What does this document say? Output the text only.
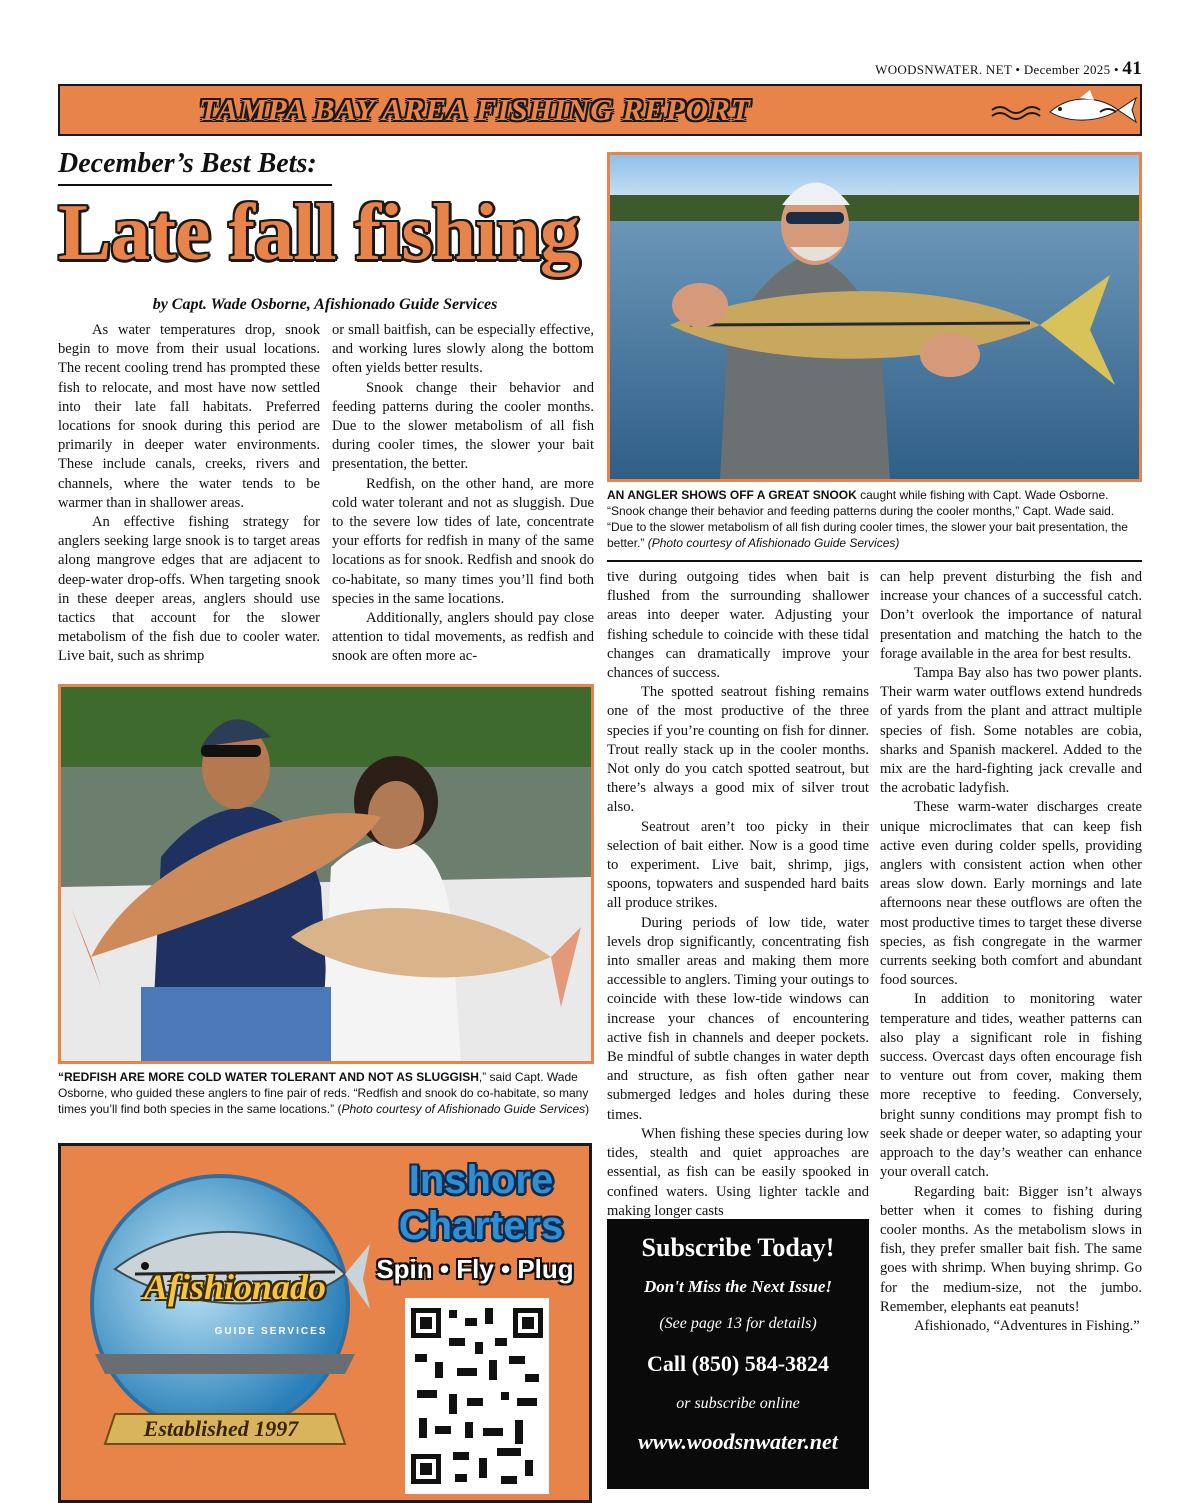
WOODSNWATER. NET • December 2025 • 41
TAMPA BAY AREA FISHING REPORT
December’s Best Bets:
Late fall fishing
by Capt. Wade Osborne, Afishionado Guide Services

As water temperatures drop, snook begin to move from their usual locations. The recent cooling trend has prompted these fish to relocate, and most have now settled into their late fall habitats. Preferred locations for snook during this period are primarily in deeper water environments. These include canals, creeks, rivers and channels, where the water tends to be warmer than in shallower areas.

An effective fishing strategy for anglers seeking large snook is to target areas along mangrove edges that are adjacent to deep-water drop-offs. When targeting snook in these deeper areas, anglers should use tactics that account for the slower metabolism of the fish due to cooler water. Live bait, such as shrimp

or small baitfish, can be especially effective, and working lures slowly along the bottom often yields better results.

Snook change their behavior and feeding patterns during the cooler months. Due to the slower metabolism of all fish during cooler times, the slower your bait presentation, the better.

Redfish, on the other hand, are more cold water tolerant and not as sluggish. Due to the severe low tides of late, concentrate your efforts for redfish in many of the same locations as for snook. Redfish and snook do co-habitate, so many times you’ll find both species in the same locations.

Additionally, anglers should pay close attention to tidal movements, as redfish and snook are often more ac-

AN ANGLER SHOWS OFF A GREAT SNOOK caught while fishing with Capt. Wade Osborne. “Snook change their behavior and feeding patterns during the cooler months,” Capt. Wade said. “Due to the slower metabolism of all fish during cooler times, the slower your bait presentation, the better.” (Photo courtesy of Afishionado Guide Services)

tive during outgoing tides when bait is flushed from the surrounding shallower areas into deeper water. Adjusting your fishing schedule to coincide with these tidal changes can dramatically improve your chances of success.

The spotted seatrout fishing remains one of the most productive of the three species if you’re counting on fish for dinner. Trout really stack up in the cooler months. Not only do you catch spotted seatrout, but there’s always a good mix of silver trout also.

Seatrout aren’t too picky in their selection of bait either. Now is a good time to experiment. Live bait, shrimp, jigs, spoons, topwaters and suspended hard baits all produce strikes.

During periods of low tide, water levels drop significantly, concentrating fish into smaller areas and making them more accessible to anglers. Timing your outings to coincide with these low-tide windows can increase your chances of encountering active fish in channels and deeper pockets. Be mindful of subtle changes in water depth and structure, as fish often gather near submerged ledges and holes during these times.

When fishing these species during low tides, stealth and quiet approaches are essential, as fish can be easily spooked in confined waters. Using lighter tackle and making longer casts

can help prevent disturbing the fish and increase your chances of a successful catch. Don’t overlook the importance of natural presentation and matching the hatch to the forage available in the area for best results.

Tampa Bay also has two power plants. Their warm water outflows extend hundreds of yards from the plant and attract multiple species of fish. Some notables are cobia, sharks and Spanish mackerel. Added to the mix are the hard-fighting jack crevalle and the acrobatic ladyfish.

These warm-water discharges create unique microclimates that can keep fish active even during colder spells, providing anglers with consistent action when other areas slow down. Early mornings and late afternoons near these outflows are often the most productive times to target these diverse species, as fish congregate in the warmer currents seeking both comfort and abundant food sources.

In addition to monitoring water temperature and tides, weather patterns can also play a significant role in fishing success. Overcast days often encourage fish to venture out from cover, making them more receptive to feeding. Conversely, bright sunny conditions may prompt fish to seek shade or deeper water, so adapting your approach to the day’s weather can enhance your overall catch.

Regarding bait: Bigger isn’t always better when it comes to fishing during cooler months. As the metabolism slows in fish, they prefer smaller bait fish. The same goes with shrimp. When buying shrimp. Go for the medium-size, not the jumbo. Remember, elephants eat peanuts!

Afishionado, “Adventures in Fishing.”

“REDFISH ARE MORE COLD WATER TOLERANT AND NOT AS SLUGGISH,” said Capt. Wade Osborne, who guided these anglers to fine pair of reds. “Redfish and snook do co-habitate, so many times you’ll find both species in the same locations.” (Photo courtesy of Afishionado Guide Services)
Afishionado
GUIDE SERVICES
Established 1997
Inshore
Charters
Spin • Fly • Plug
Subscribe Today!
Don't Miss the Next Issue!
(See page 13 for details)
Call (850) 584-3824
or subscribe online
www.woodsnwater.net
